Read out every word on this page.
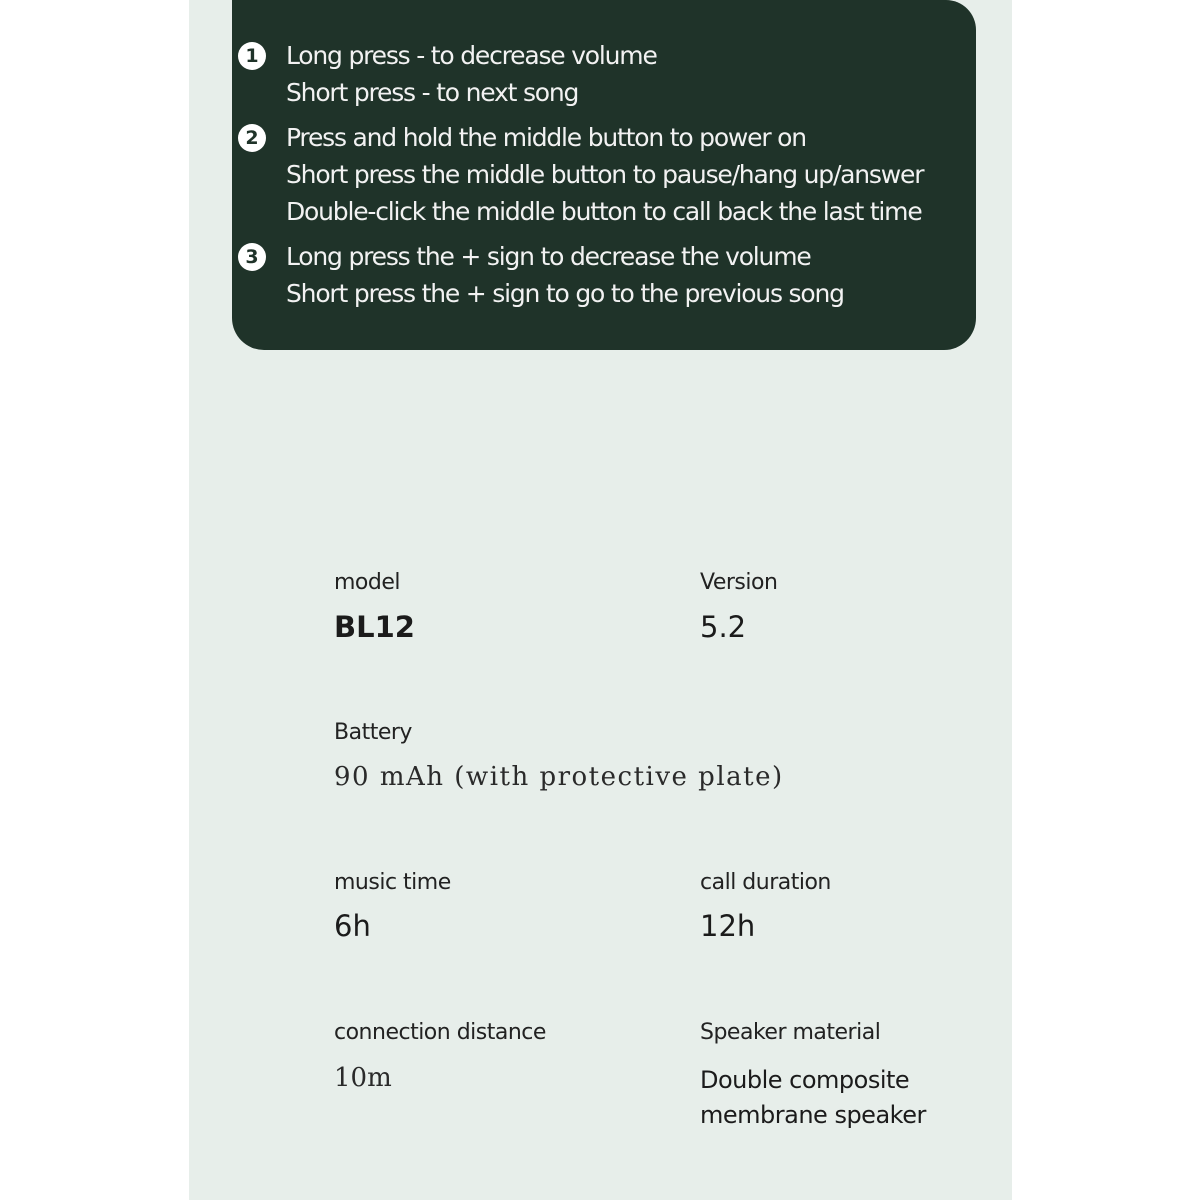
1 Long press - to decrease volume
Short press - to next song
2 Press and hold the middle button to power on
Short press the middle button to pause/hang up/answer
Double-click the middle button to call back the last time
3 Long press the + sign to decrease the volume
Short press the + sign to go to the previous song
model
BL12
Version
5.2
Battery
90 mAh (with protective plate)
music time
6h
call duration
12h
connection distance
10m
Speaker material
Double composite
membrane speaker
